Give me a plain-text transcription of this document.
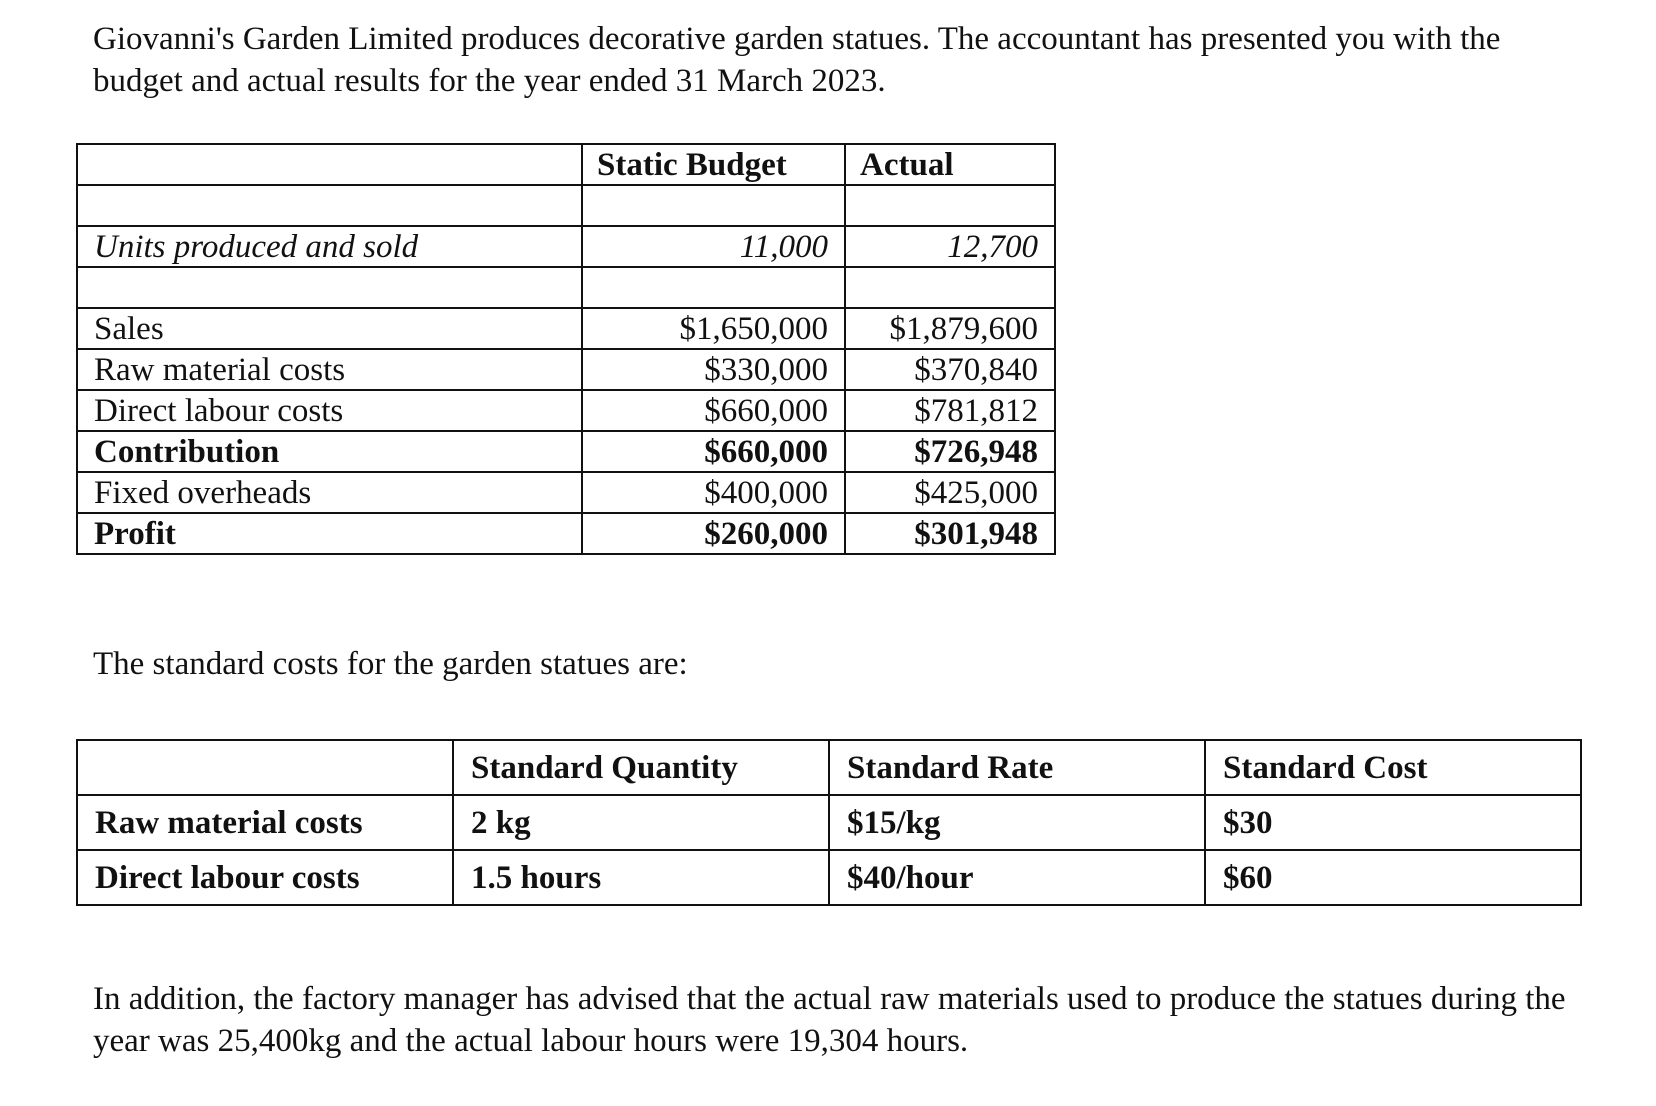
Giovanni's Garden Limited produces decorative garden statues. The accountant has presented you with the budget and actual results for the year ended 31 March 2023.

	Static Budget	Actual

Units produced and sold	11,000	12,700

Sales	$1,650,000	$1,879,600
Raw material costs	$330,000	$370,840
Direct labour costs	$660,000	$781,812
Contribution	$660,000	$726,948
Fixed overheads	$400,000	$425,000
Profit	$260,000	$301,948

The standard costs for the garden statues are:

	Standard Quantity	Standard Rate	Standard Cost
Raw material costs	2 kg	$15/kg	$30
Direct labour costs	1.5 hours	$40/hour	$60

In addition, the factory manager has advised that the actual raw materials used to produce the statues during the year was 25,400kg and the actual labour hours were 19,304 hours.
